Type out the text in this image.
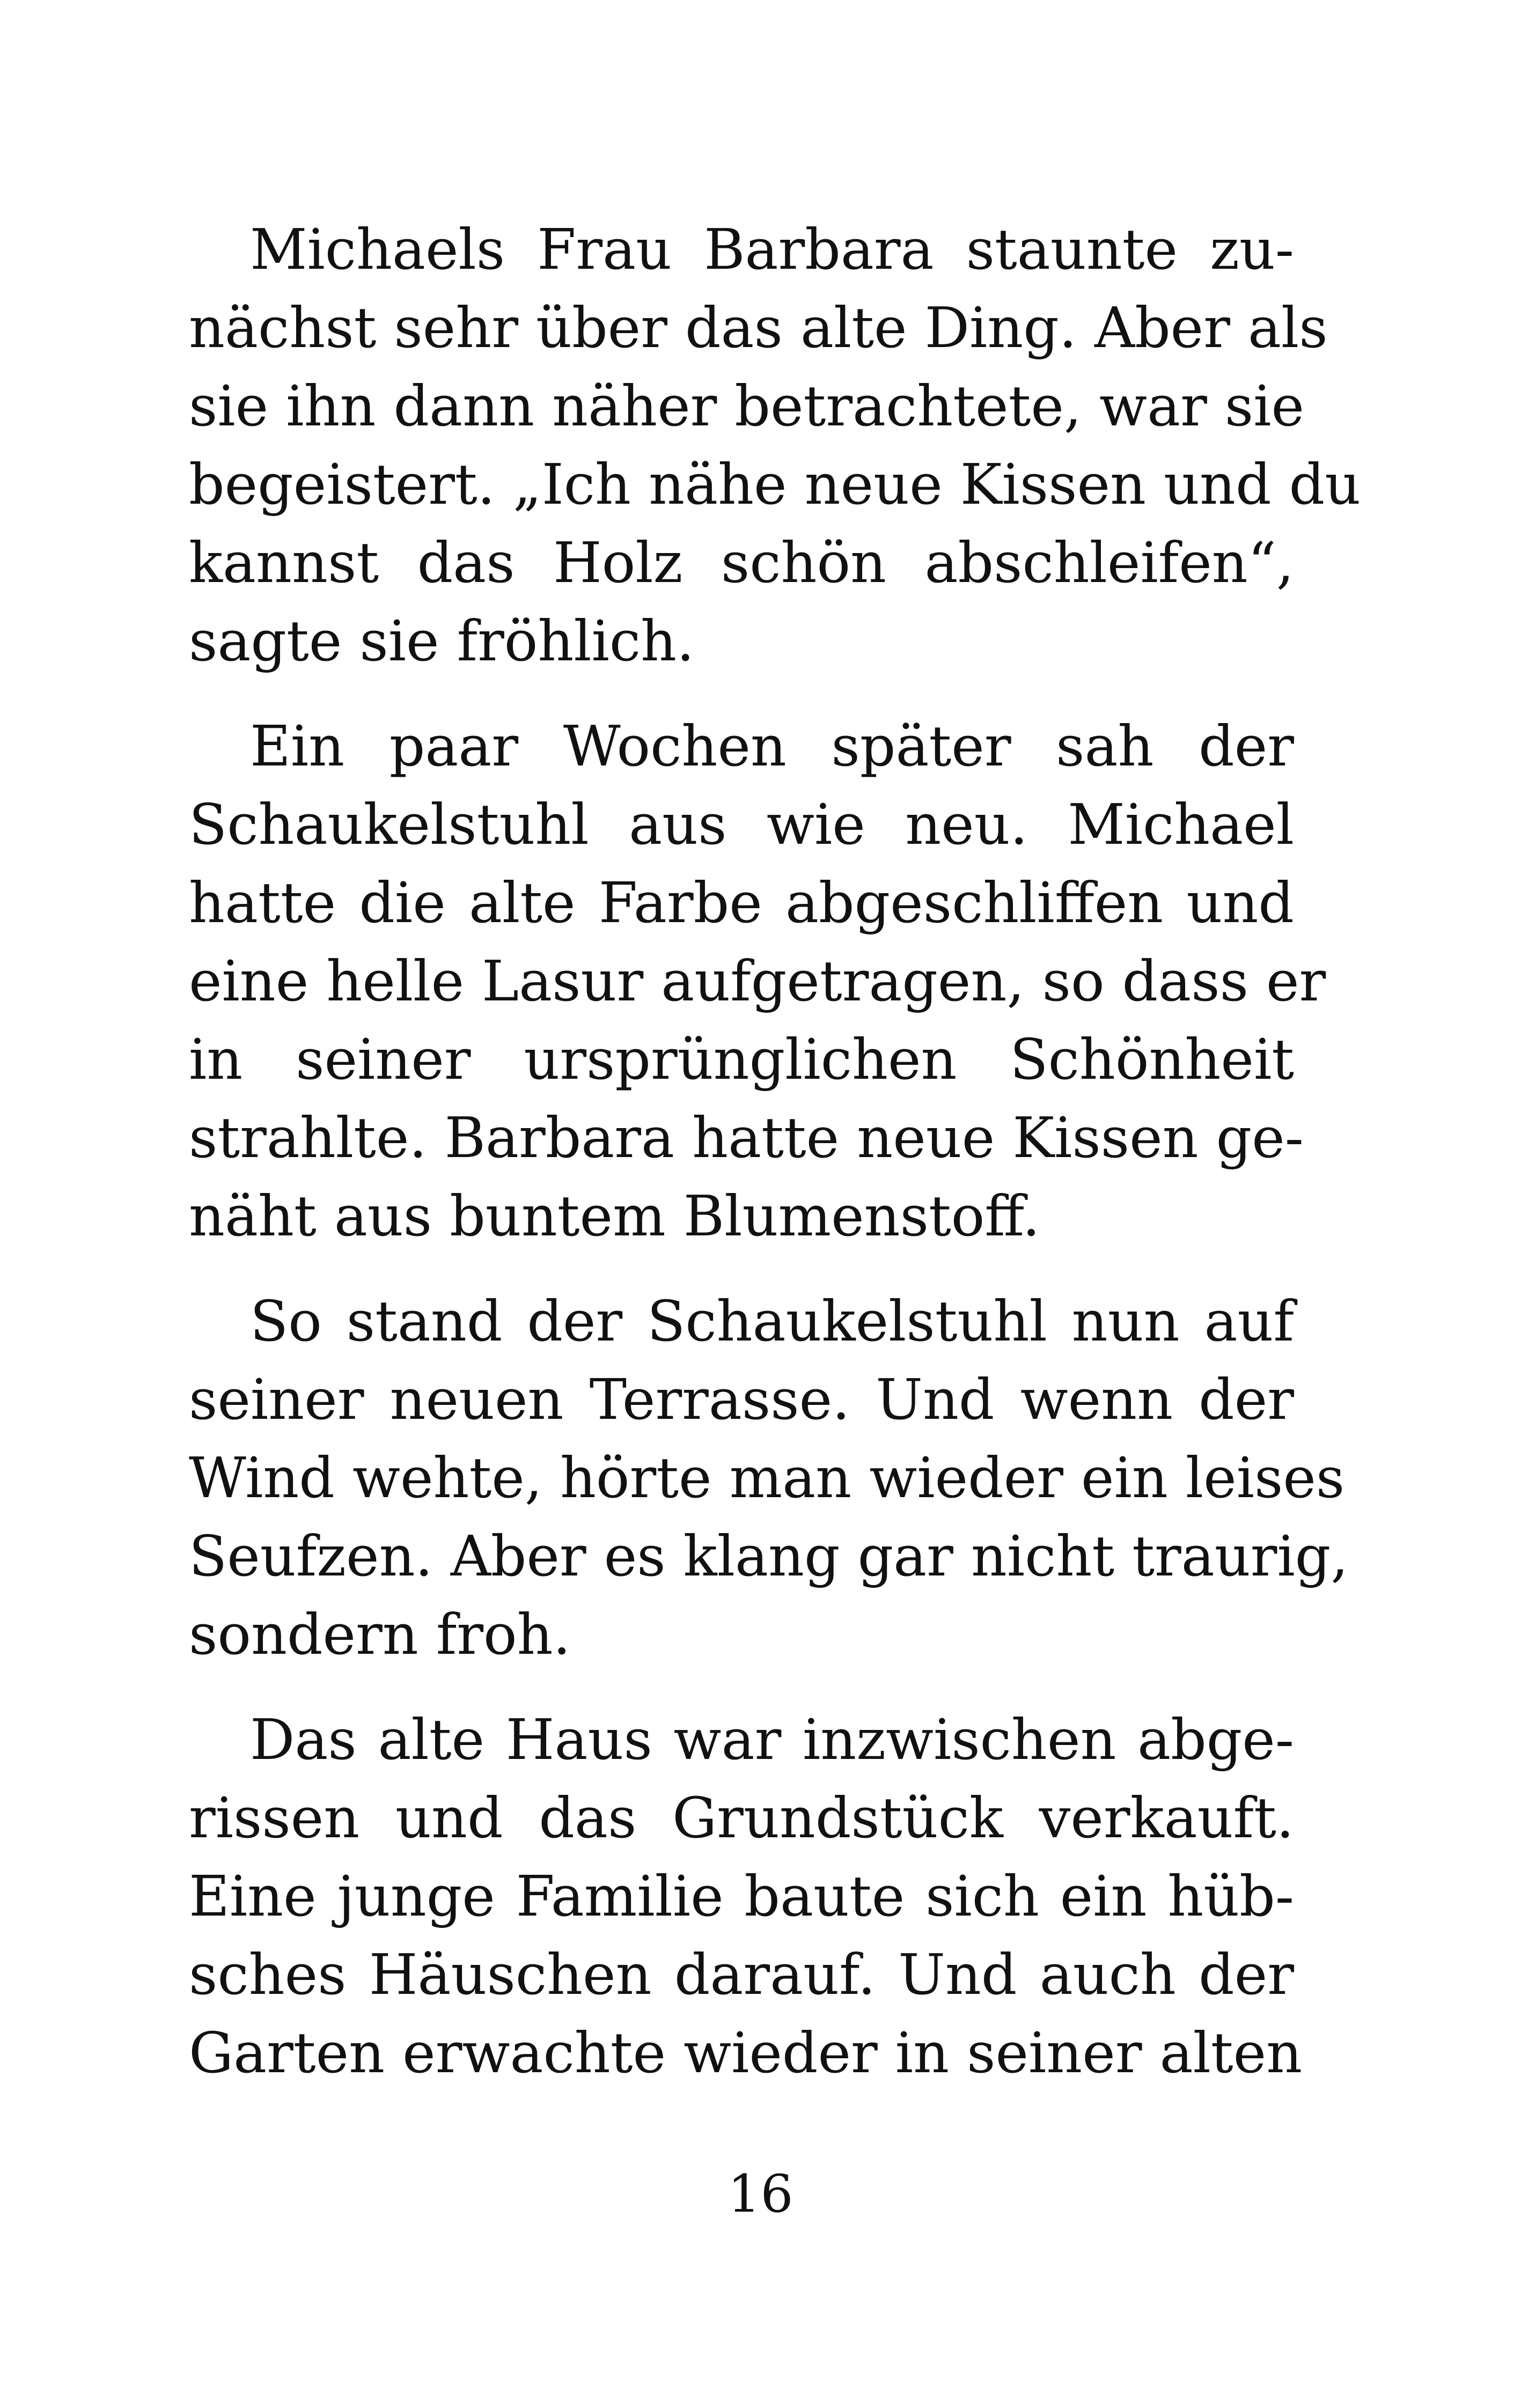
Michaels Frau Barbara staunte zu-
nächst sehr über das alte Ding. Aber als
sie ihn dann näher betrachtete, war sie
begeistert. „Ich nähe neue Kissen und du
kannst das Holz schön abschleifen“,
sagte sie fröhlich.

Ein paar Wochen später sah der
Schaukelstuhl aus wie neu. Michael
hatte die alte Farbe abgeschliffen und
eine helle Lasur aufgetragen, so dass er
in seiner ursprünglichen Schönheit
strahlte. Barbara hatte neue Kissen ge-
näht aus buntem Blumenstoff.

So stand der Schaukelstuhl nun auf
seiner neuen Terrasse. Und wenn der
Wind wehte, hörte man wieder ein leises
Seufzen. Aber es klang gar nicht traurig,
sondern froh.

Das alte Haus war inzwischen abge-
rissen und das Grundstück verkauft.
Eine junge Familie baute sich ein hüb-
sches Häuschen darauf. Und auch der
Garten erwachte wieder in seiner alten

16
